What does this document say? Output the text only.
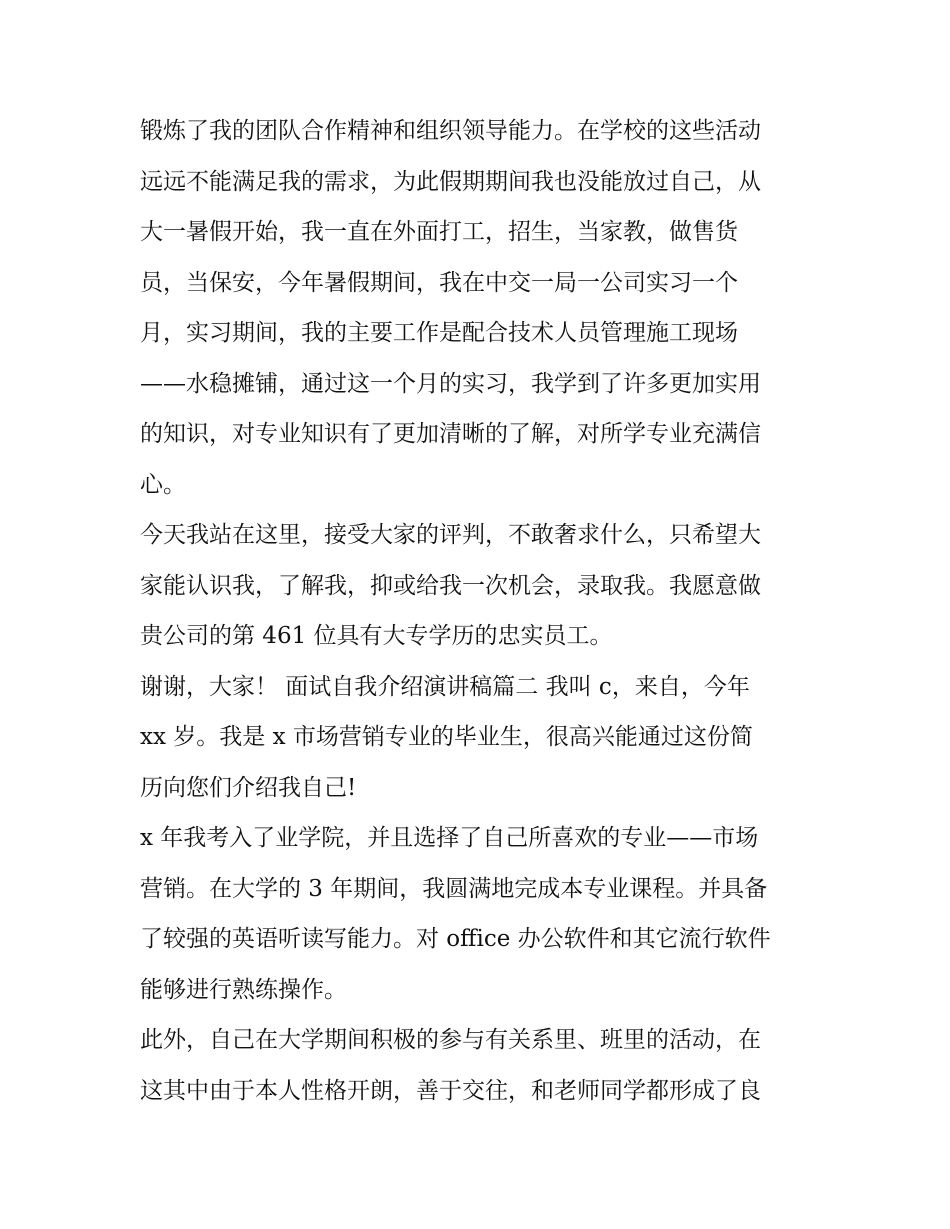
锻炼了我的团队合作精神和组织领导能力。在学校的这些活动
远远不能满足我的需求，为此假期期间我也没能放过自己，从
大一暑假开始，我一直在外面打工，招生，当家教，做售货
员，当保安，今年暑假期间，我在中交一局一公司实习一个
月，实习期间，我的主要工作是配合技术人员管理施工现场
——水稳摊铺，通过这一个月的实习，我学到了许多更加实用
的知识，对专业知识有了更加清晰的了解，对所学专业充满信
心。
今天我站在这里，接受大家的评判，不敢奢求什么，只希望大
家能认识我，了解我，抑或给我一次机会，录取我。我愿意做
贵公司的第 461 位具有大专学历的忠实员工。
谢谢，大家！ 面试自我介绍演讲稿篇二 我叫 c，来自，今年
xx 岁。我是 x 市场营销专业的毕业生，很高兴能通过这份简
历向您们介绍我自己!
x 年我考入了业学院，并且选择了自己所喜欢的专业——市场
营销。在大学的 3 年期间，我圆满地完成本专业课程。并具备
了较强的英语听读写能力。对 office 办公软件和其它流行软件
能够进行熟练操作。
此外，自己在大学期间积极的参与有关系里、班里的活动，在
这其中由于本人性格开朗，善于交往，和老师同学都形成了良
